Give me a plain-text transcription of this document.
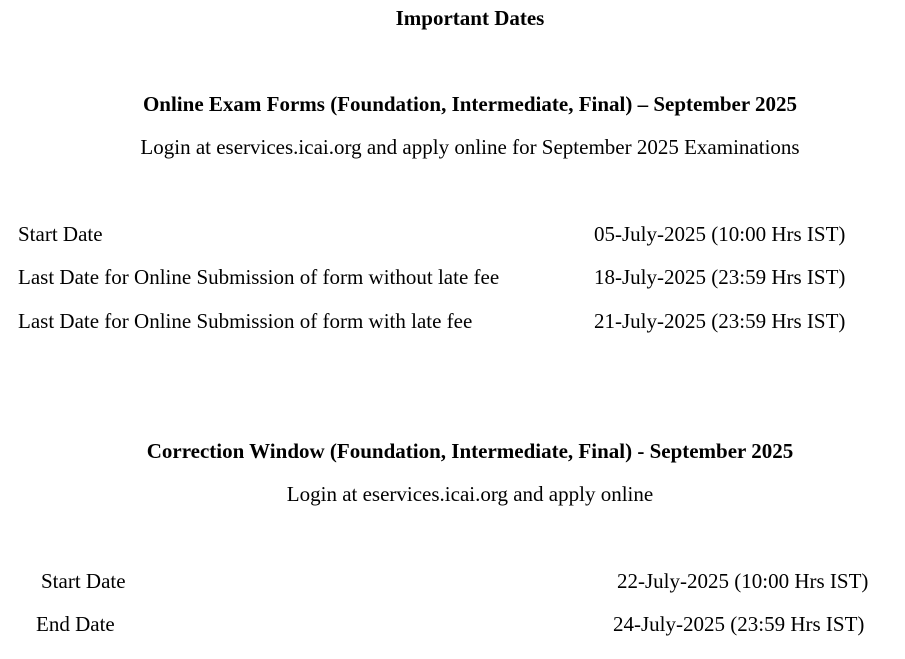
Important Dates
Online Exam Forms (Foundation, Intermediate, Final) – September 2025
Login at eservices.icai.org and apply online for September 2025 Examinations
Start Date	05-July-2025 (10:00 Hrs IST)
Last Date for Online Submission of form without late fee	18-July-2025 (23:59 Hrs IST)
Last Date for Online Submission of form with late fee	21-July-2025 (23:59 Hrs IST)
Correction Window (Foundation, Intermediate, Final) - September 2025
Login at eservices.icai.org and apply online
Start Date	22-July-2025 (10:00 Hrs IST)
End Date	24-July-2025 (23:59 Hrs IST)
